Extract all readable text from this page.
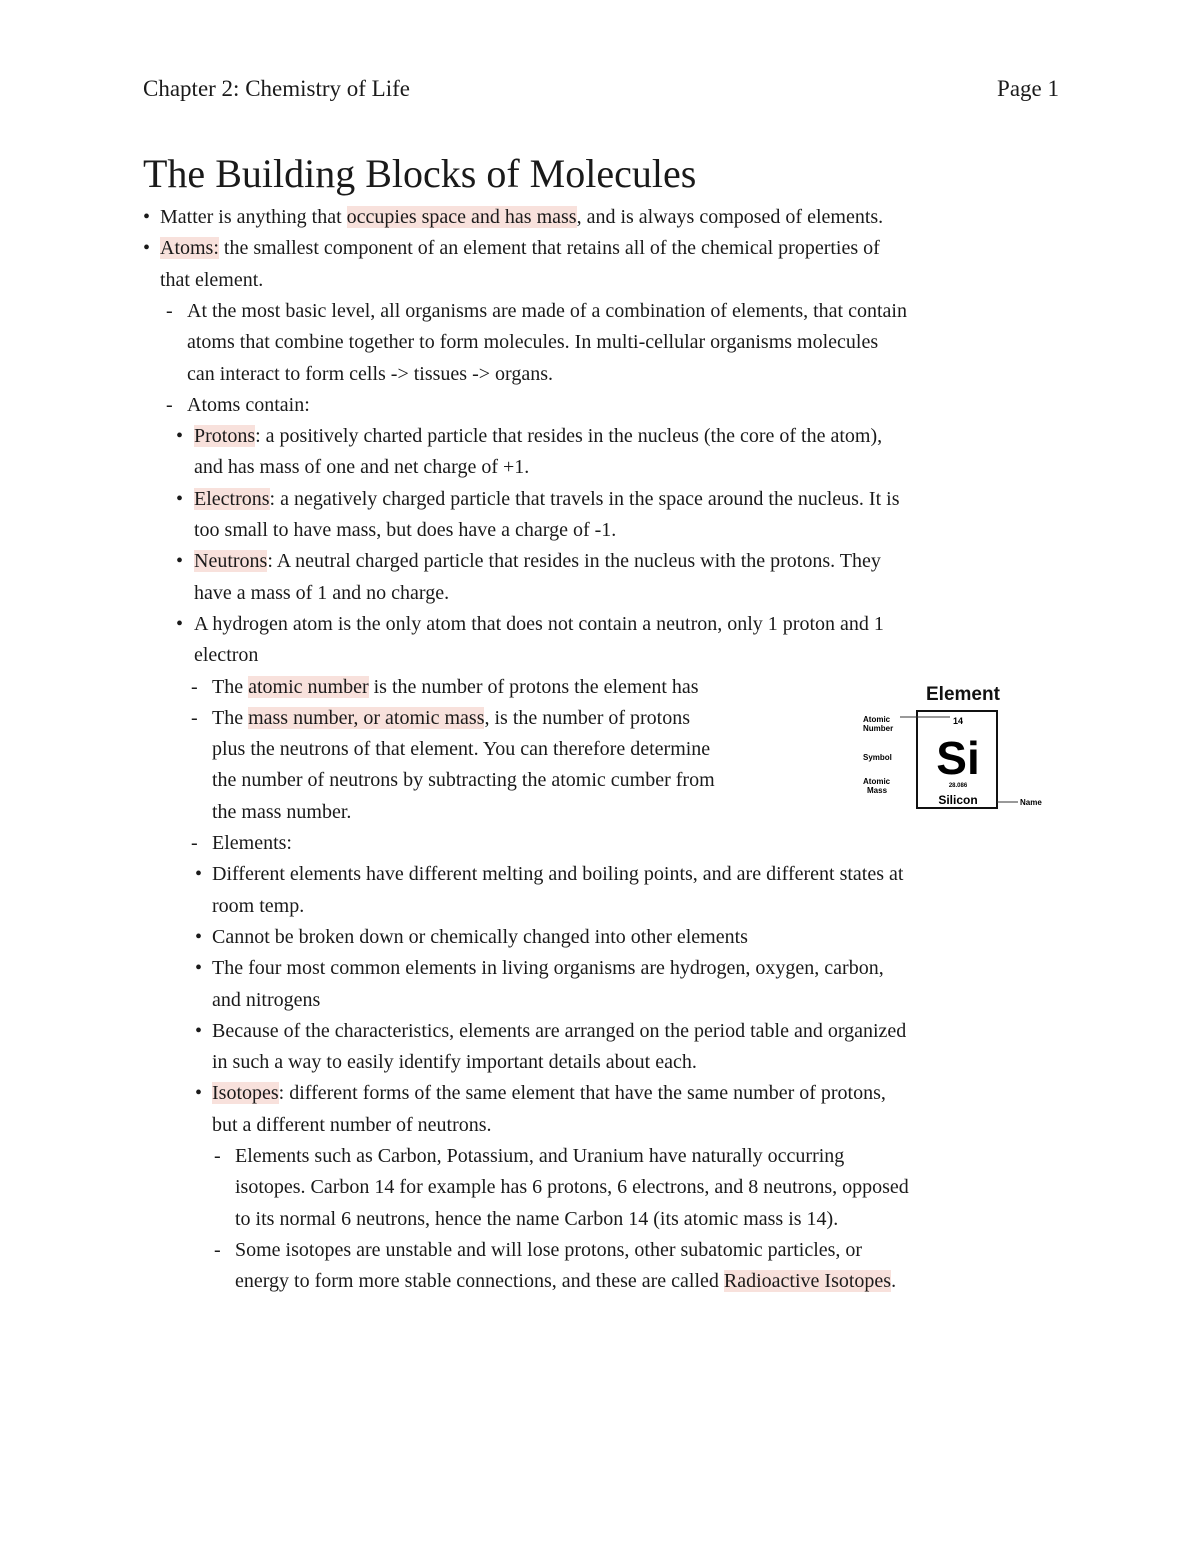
Chapter 2: Chemistry of Life	Page 1
The Building Blocks of Molecules
• Matter is anything that occupies space and has mass, and is always composed of elements.
• Atoms: the smallest component of an element that retains all of the chemical properties of
that element.
- At the most basic level, all organisms are made of a combination of elements, that contain
atoms that combine together to form molecules. In multi-cellular organisms molecules
can interact to form cells -> tissues -> organs.
- Atoms contain:
• Protons: a positively charted particle that resides in the nucleus (the core of the atom),
and has mass of one and net charge of +1.
• Electrons: a negatively charged particle that travels in the space around the nucleus. It is
too small to have mass, but does have a charge of -1.
• Neutrons: A neutral charged particle that resides in the nucleus with the protons. They
have a mass of 1 and no charge.
• A hydrogen atom is the only atom that does not contain a neutron, only 1 proton and 1
electron
- The atomic number is the number of protons the element has
- The mass number, or atomic mass, is the number of protons
plus the neutrons of that element. You can therefore determine
the number of neutrons by subtracting the atomic cumber from
the mass number.
- Elements:
• Different elements have different melting and boiling points, and are different states at
room temp.
• Cannot be broken down or chemically changed into other elements
• The four most common elements in living organisms are hydrogen, oxygen, carbon,
and nitrogens
• Because of the characteristics, elements are arranged on the period table and organized
in such a way to easily identify important details about each.
• Isotopes: different forms of the same element that have the same number of protons,
but a different number of neutrons.
- Elements such as Carbon, Potassium, and Uranium have naturally occurring
isotopes. Carbon 14 for example has 6 protons, 6 electrons, and 8 neutrons, opposed
to its normal 6 neutrons, hence the name Carbon 14 (its atomic mass is 14).
- Some isotopes are unstable and will lose protons, other subatomic particles, or
energy to form more stable connections, and these are called Radioactive Isotopes.
Element
14
Si
28.086
Silicon
Atomic
Number
Symbol
Atomic
Mass
Name
